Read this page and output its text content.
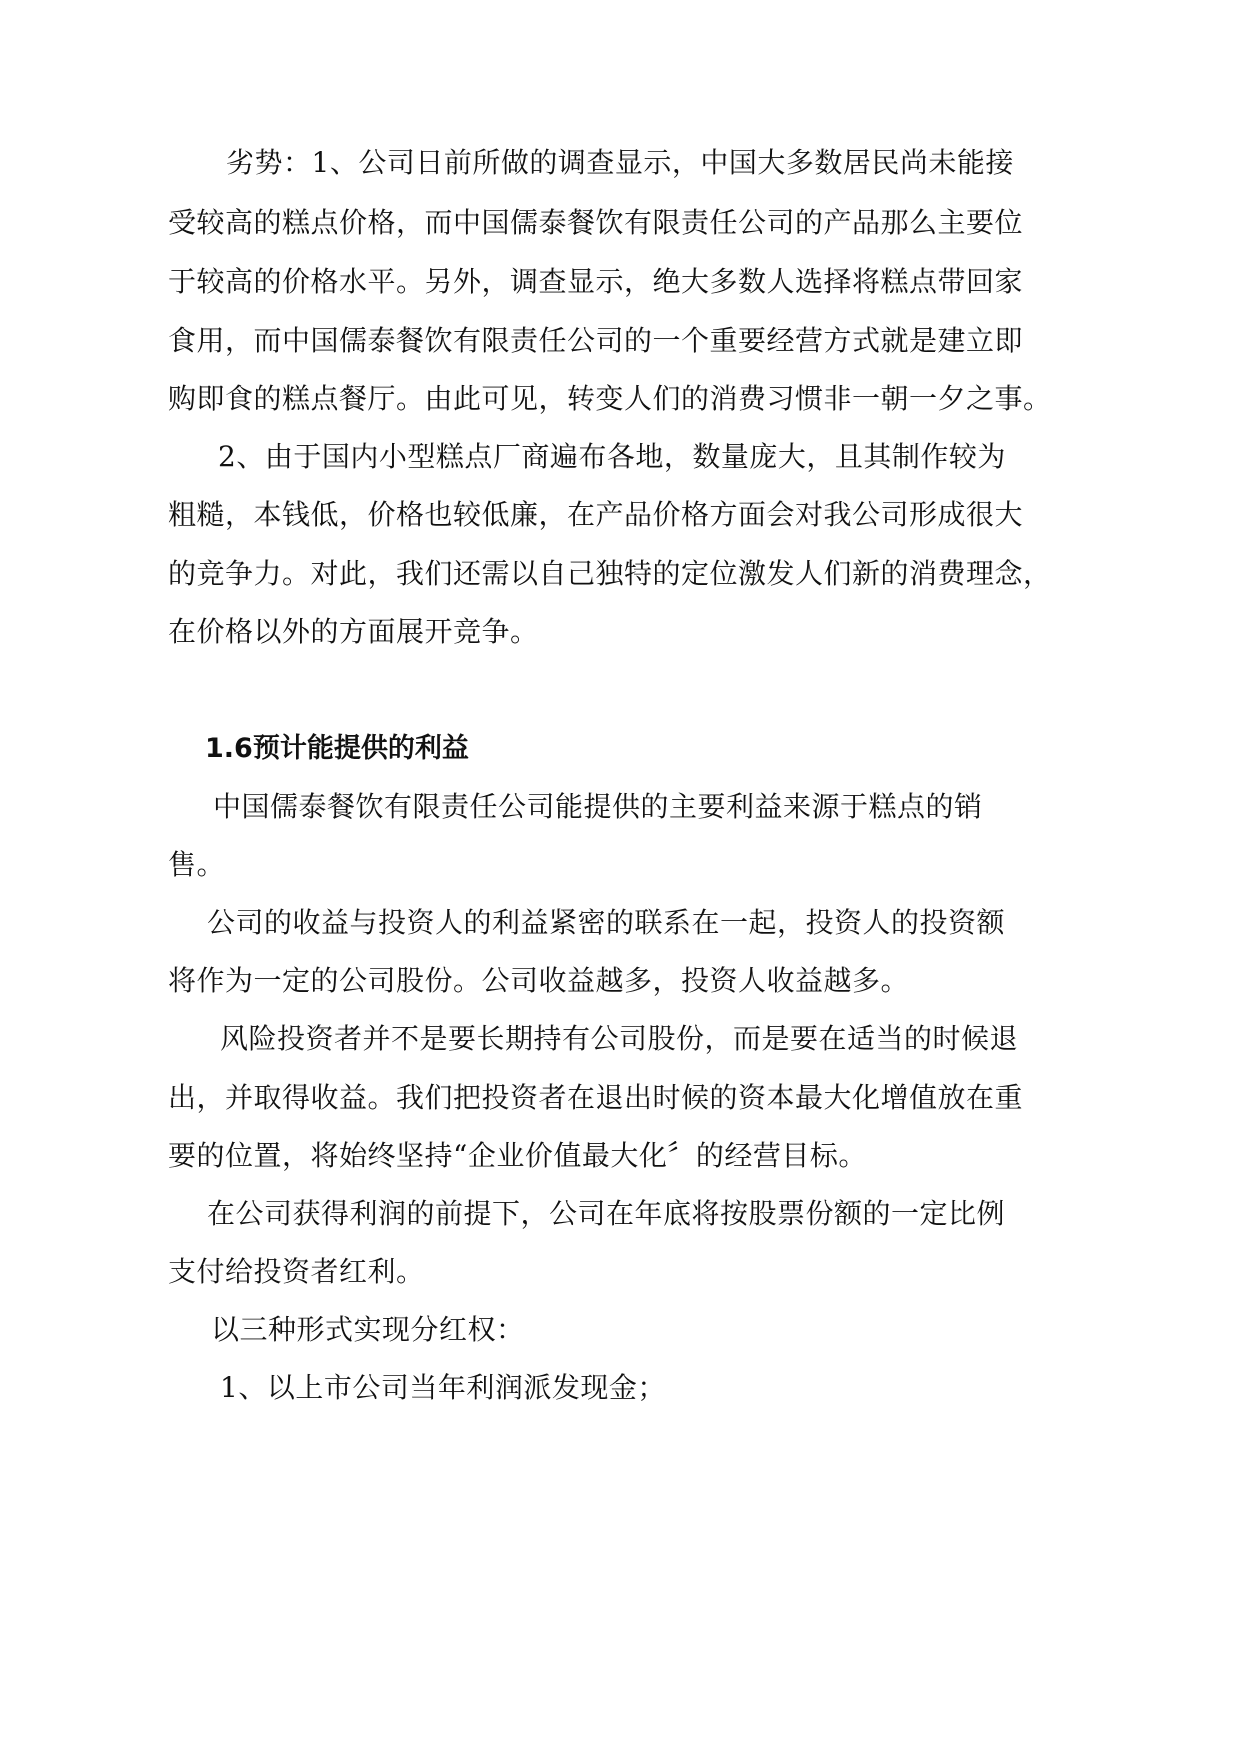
劣势：1、公司日前所做的调查显示，中国大多数居民尚未能接
受较高的糕点价格，而中国儒泰餐饮有限责任公司的产品那么主要位
于较高的价格水平。另外，调查显示，绝大多数人选择将糕点带回家
食用，而中国儒泰餐饮有限责任公司的一个重要经营方式就是建立即
购即食的糕点餐厅。由此可见，转变人们的消费习惯非一朝一夕之事。
2、由于国内小型糕点厂商遍布各地，数量庞大，且其制作较为
粗糙，本钱低，价格也较低廉，在产品价格方面会对我公司形成很大
的竞争力。对此，我们还需以自己独特的定位激发人们新的消费理念，
在价格以外的方面展开竞争。
1.6预计能提供的利益
中国儒泰餐饮有限责任公司能提供的主要利益来源于糕点的销
售。
公司的收益与投资人的利益紧密的联系在一起，投资人的投资额
将作为一定的公司股份。公司收益越多，投资人收益越多。
风险投资者并不是要长期持有公司股份，而是要在适当的时候退
出，并取得收益。我们把投资者在退出时候的资本最大化增值放在重
要的位置，将始终坚持“企业价值最大化〞的经营目标。
在公司获得利润的前提下，公司在年底将按股票份额的一定比例
支付给投资者红利。
以三种形式实现分红权：
1、以上市公司当年利润派发现金；
